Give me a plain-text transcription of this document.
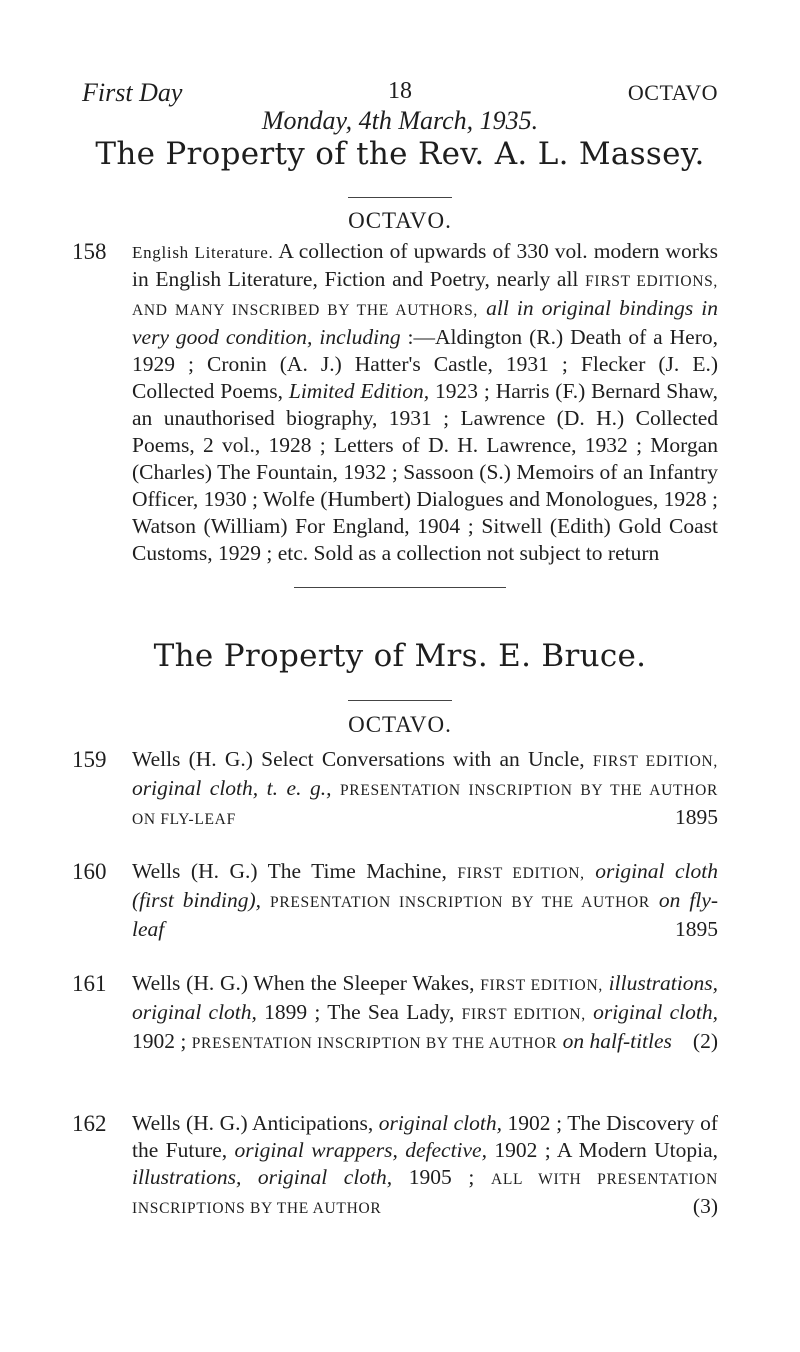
First Day	18	OCTAVO
Monday, 4th March, 1935.
The Property of the Rev. A. L. Massey.
OCTAVO.
158	English Literature. A collection of upwards of 330 vol. modern works in English Literature, Fiction and Poetry, nearly all FIRST EDITIONS, AND MANY INSCRIBED BY THE AUTHORS, all in original bindings in very good condition, including :—Aldington (R.) Death of a Hero, 1929 ; Cronin (A. J.) Hatter's Castle, 1931 ; Flecker (J. E.) Collected Poems, Limited Edition, 1923 ; Harris (F.) Bernard Shaw, an unauthorised biography, 1931 ; Lawrence (D. H.) Collected Poems, 2 vol., 1928 ; Letters of D. H. Lawrence, 1932 ; Morgan (Charles) The Fountain, 1932 ; Sassoon (S.) Memoirs of an Infantry Officer, 1930 ; Wolfe (Humbert) Dialogues and Monologues, 1928 ; Watson (William) For England, 1904 ; Sitwell (Edith) Gold Coast Customs, 1929 ; etc. Sold as a collection not subject to return
The Property of Mrs. E. Bruce.
OCTAVO.
159	Wells (H. G.) Select Conversations with an Uncle, FIRST EDITION, original cloth, t. e. g., PRESENTATION INSCRIPTION BY THE AUTHOR ON FLY-LEAF	1895
160	Wells (H. G.) The Time Machine, FIRST EDITION, original cloth (first binding), PRESENTATION INSCRIPTION BY THE AUTHOR on fly-leaf	1895
161	Wells (H. G.) When the Sleeper Wakes, FIRST EDITION, illustrations, original cloth, 1899 ; The Sea Lady, FIRST EDITION, original cloth, 1902 ; PRESENTATION INSCRIPTION BY THE AUTHOR on half-titles (2)
162	Wells (H. G.) Anticipations, original cloth, 1902 ; The Discovery of the Future, original wrappers, defective, 1902 ; A Modern Utopia, illustrations, original cloth, 1905 ; ALL WITH PRESENTATION INSCRIPTIONS BY THE AUTHOR	(3)
